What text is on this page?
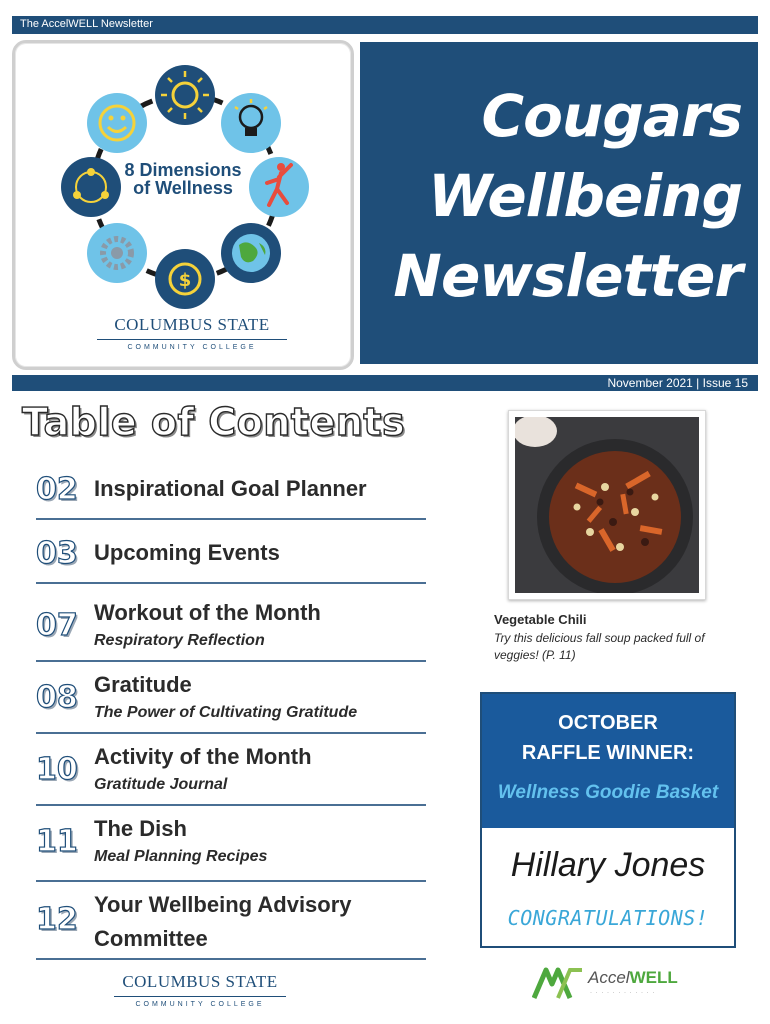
The AccelWELL Newsletter
$
8 Dimensions
of Wellness
COLUMBUS STATE
COMMUNITY COLLEGE
Cougars
Wellbeing
Newsletter
November 2021 | Issue 15
Table of Contents
02 Inspirational Goal Planner
03 Upcoming Events
07 Workout of the Month
Respiratory Reflection
08 Gratitude
The Power of Cultivating Gratitude
10 Activity of the Month
Gratitude Journal
11 The Dish
Meal Planning Recipes
12 Your Wellbeing Advisory
Committee
Vegetable Chili
Try this delicious fall soup packed full of veggies! (P. 11)
OCTOBER
RAFFLE WINNER:
Wellness Goodie Basket
Hillary Jones
CONGRATULATIONS!
COLUMBUS STATE
COMMUNITY COLLEGE
AccelWELL
· · · · · · · · · · · ·
